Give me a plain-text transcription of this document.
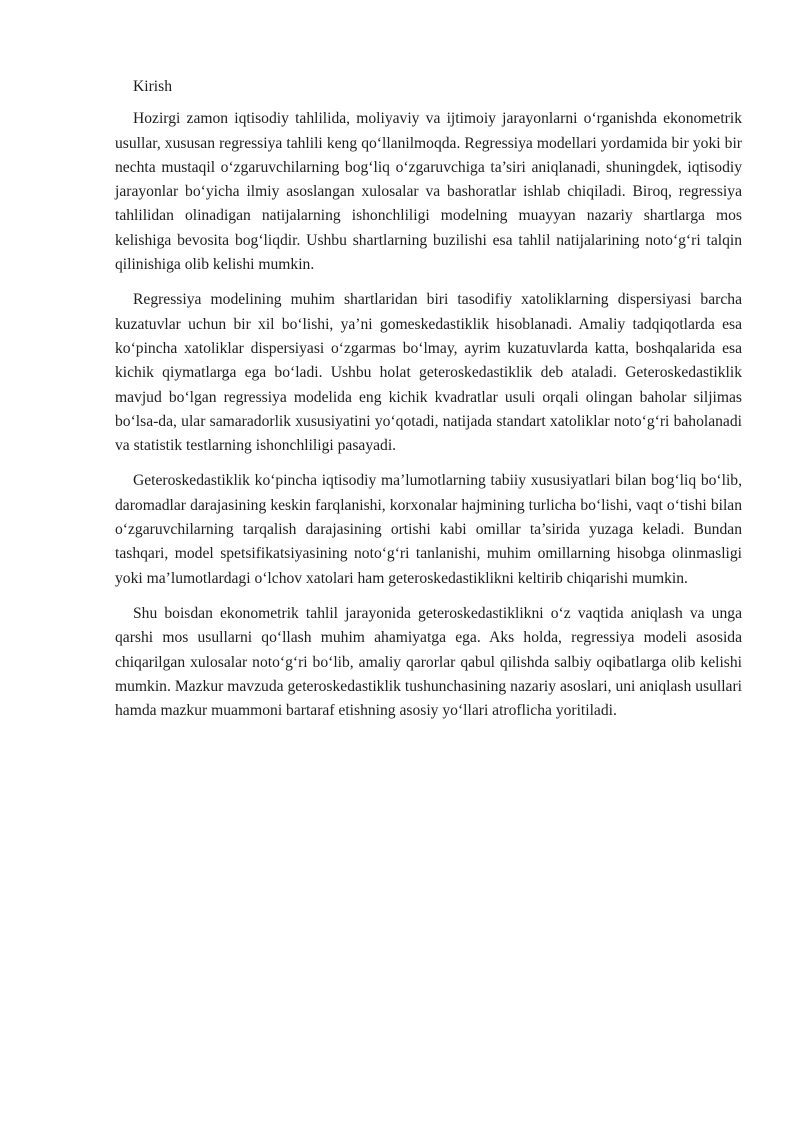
Kirish

Hozirgi zamon iqtisodiy tahlilida, moliyaviy va ijtimoiy jarayonlarni o‘rganishda ekonometrik usullar, xususan regressiya tahlili keng qo‘llanilmoqda. Regressiya modellari yordamida bir yoki bir nechta mustaqil o‘zgaruvchilarning bog‘liq o‘zgaruvchiga ta’siri aniqlanadi, shuningdek, iqtisodiy jarayonlar bo‘yicha ilmiy asoslangan xulosalar va bashoratlar ishlab chiqiladi. Biroq, regressiya tahlilidan olinadigan natijalarning ishonchliligi modelning muayyan nazariy shartlarga mos kelishiga bevosita bog‘liqdir. Ushbu shartlarning buzilishi esa tahlil natijalarining noto‘g‘ri talqin qilinishiga olib kelishi mumkin.

Regressiya modelining muhim shartlaridan biri tasodifiy xatoliklarning dispersiyasi barcha kuzatuvlar uchun bir xil bo‘lishi, ya’ni gomeskedastiklik hisoblanadi. Amaliy tadqiqotlarda esa ko‘pincha xatoliklar dispersiyasi o‘zgarmas bo‘lmay, ayrim kuzatuvlarda katta, boshqalarida esa kichik qiymatlarga ega bo‘ladi. Ushbu holat geteroskedastiklik deb ataladi. Geteroskedastiklik mavjud bo‘lgan regressiya modelida eng kichik kvadratlar usuli orqali olingan baholar siljimas bo‘lsa-da, ular samaradorlik xususiyatini yo‘qotadi, natijada standart xatoliklar noto‘g‘ri baholanadi va statistik testlarning ishonchliligi pasayadi.

Geteroskedastiklik ko‘pincha iqtisodiy ma’lumotlarning tabiiy xususiyatlari bilan bog‘liq bo‘lib, daromadlar darajasining keskin farqlanishi, korxonalar hajmining turlicha bo‘lishi, vaqt o‘tishi bilan o‘zgaruvchilarning tarqalish darajasining ortishi kabi omillar ta’sirida yuzaga keladi. Bundan tashqari, model spetsifikatsiyasining noto‘g‘ri tanlanishi, muhim omillarning hisobga olinmasligi yoki ma’lumotlardagi o‘lchov xatolari ham geteroskedastiklikni keltirib chiqarishi mumkin.

Shu boisdan ekonometrik tahlil jarayonida geteroskedastiklikni o‘z vaqtida aniqlash va unga qarshi mos usullarni qo‘llash muhim ahamiyatga ega. Aks holda, regressiya modeli asosida chiqarilgan xulosalar noto‘g‘ri bo‘lib, amaliy qarorlar qabul qilishda salbiy oqibatlarga olib kelishi mumkin. Mazkur mavzuda geteroskedastiklik tushunchasining nazariy asoslari, uni aniqlash usullari hamda mazkur muammoni bartaraf etishning asosiy yo‘llari atroflicha yoritiladi.
